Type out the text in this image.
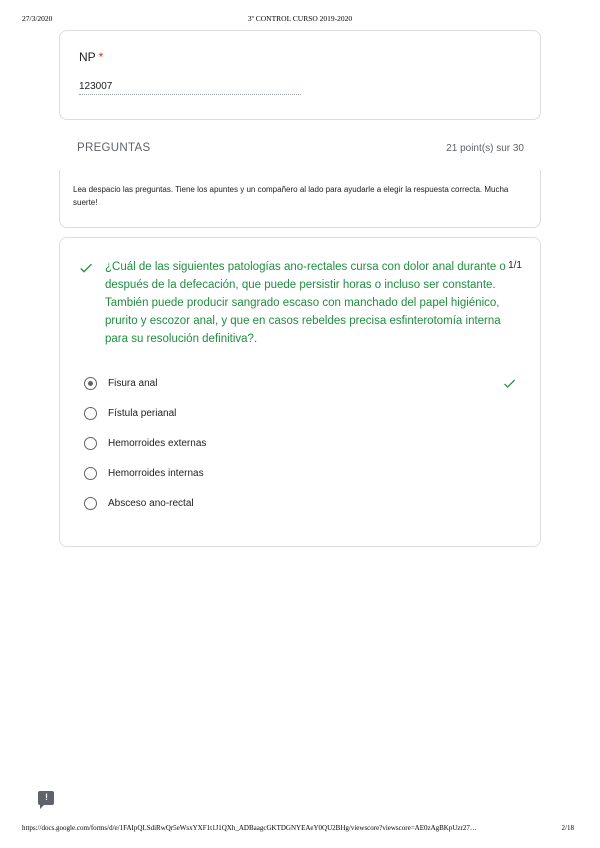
27/3/2020	3º CONTROL CURSO 2019-2020
NP *
123007
PREGUNTAS	21 point(s) sur 30
Lea despacio las preguntas. Tiene los apuntes y un compañero al lado para ayudarle a elegir la respuesta correcta. Mucha suerte!
¿Cuál de las siguientes patologías ano-rectales cursa con dolor anal durante o después de la defecación, que puede persistir horas o incluso ser constante. También puede producir sangrado escaso con manchado del papel higiénico, prurito y escozor anal, y que en casos rebeldes precisa esfinterotomía interna para su resolución definitiva?.
1/1
Fisura anal
Fístula perianal
Hemorroides externas
Hemorroides internas
Absceso ano-rectal
!
https://docs.google.com/forms/d/e/1FAIpQLSdiRwQr5eWsxYXF1t1J1QXh_ADBaagcGKTDGNYEAeY0QU2BHg/viewscore?viewscore=AE0zAgBKpUzr27…	2/18
